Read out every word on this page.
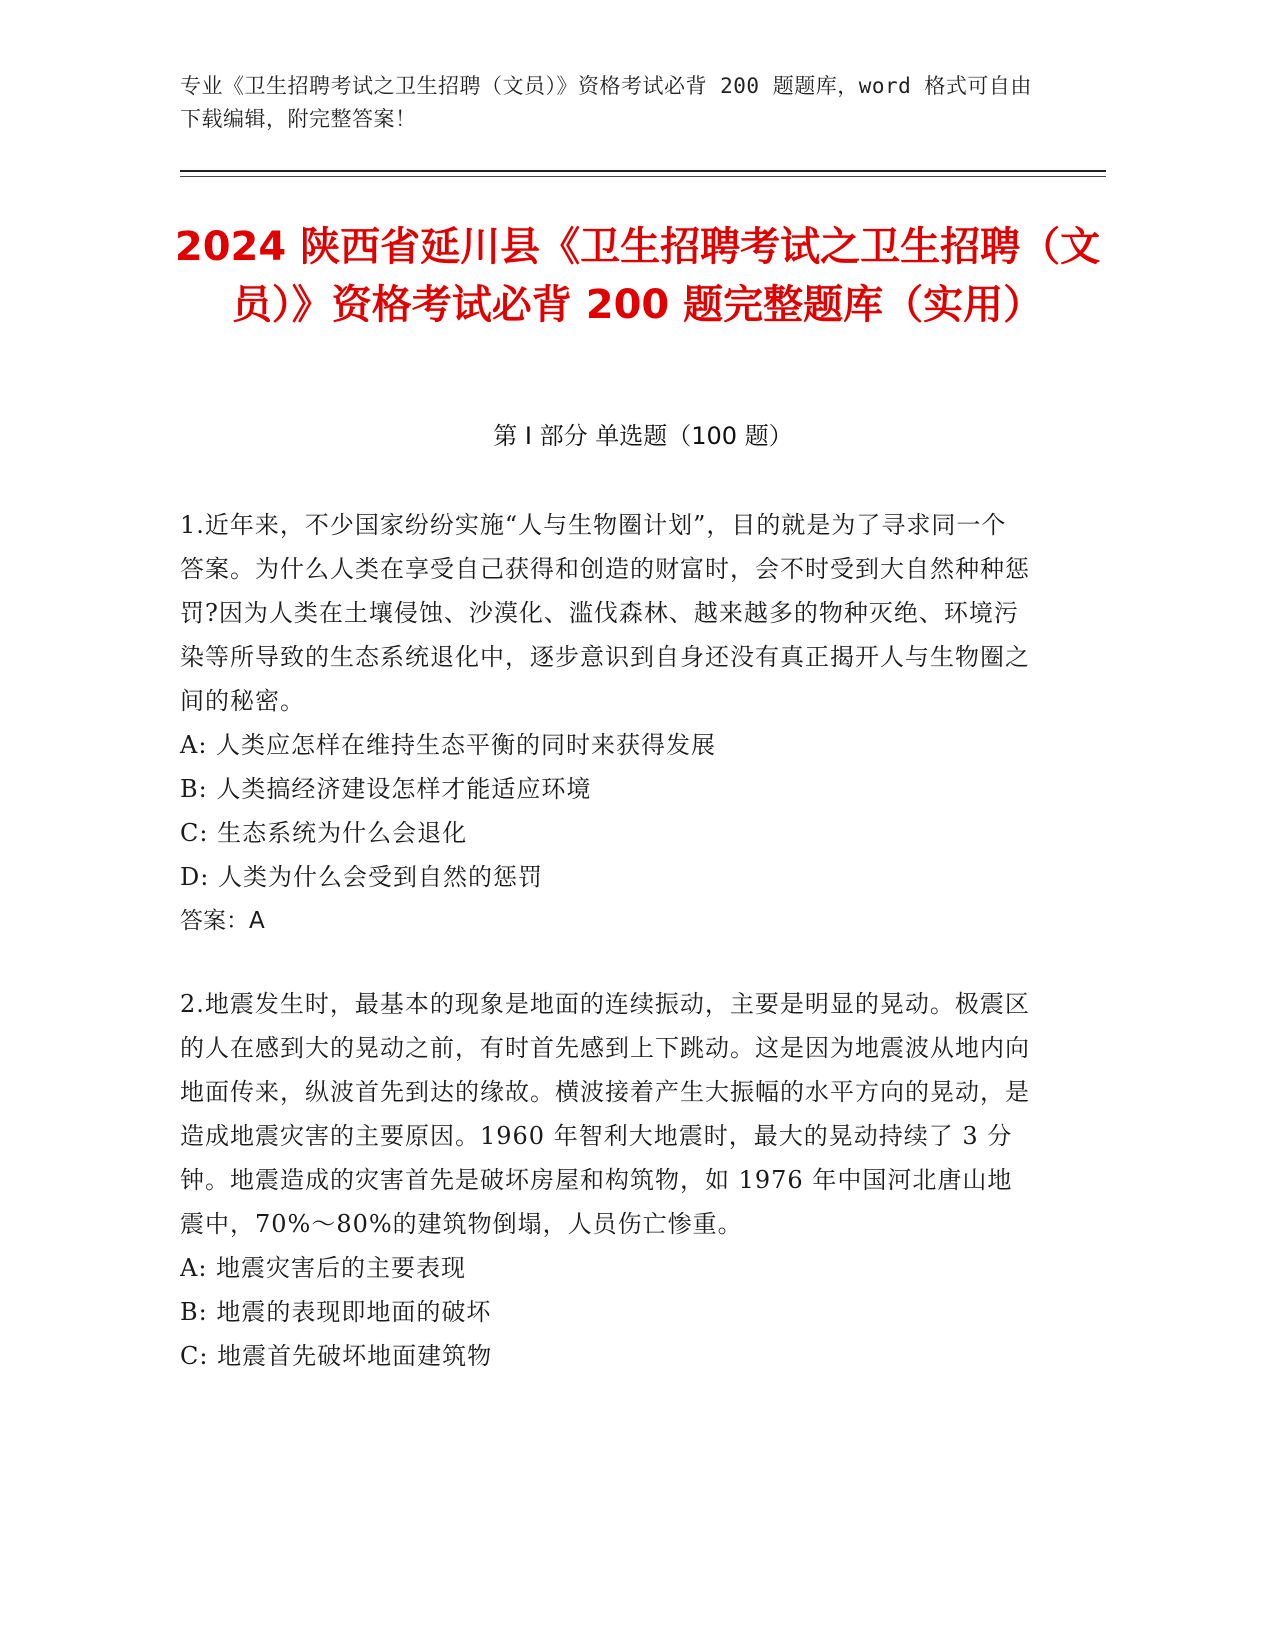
专业《卫生招聘考试之卫生招聘（文员）》资格考试必背 200 题题库，word 格式可自由下载编辑，附完整答案！
2024 陕西省延川县《卫生招聘考试之卫生招聘（文员）》资格考试必背 200 题完整题库（实用）
第 I 部分 单选题（100 题）
1.近年来，不少国家纷纷实施“人与生物圈计划”，目的就是为了寻求同一个答案。为什么人类在享受自己获得和创造的财富时，会不时受到大自然种种惩罚?因为人类在土壤侵蚀、沙漠化、滥伐森林、越来越多的物种灭绝、环境污染等所导致的生态系统退化中，逐步意识到自身还没有真正揭开人与生物圈之间的秘密。
A: 人类应怎样在维持生态平衡的同时来获得发展
B: 人类搞经济建设怎样才能适应环境
C: 生态系统为什么会退化
D: 人类为什么会受到自然的惩罚
答案：A
2.地震发生时，最基本的现象是地面的连续振动，主要是明显的晃动。极震区的人在感到大的晃动之前，有时首先感到上下跳动。这是因为地震波从地内向地面传来，纵波首先到达的缘故。横波接着产生大振幅的水平方向的晃动，是造成地震灾害的主要原因。1960 年智利大地震时，最大的晃动持续了 3 分钟。地震造成的灾害首先是破坏房屋和构筑物，如 1976 年中国河北唐山地震中，70%～80%的建筑物倒塌，人员伤亡惨重。
A: 地震灾害后的主要表现
B: 地震的表现即地面的破坏
C: 地震首先破坏地面建筑物
